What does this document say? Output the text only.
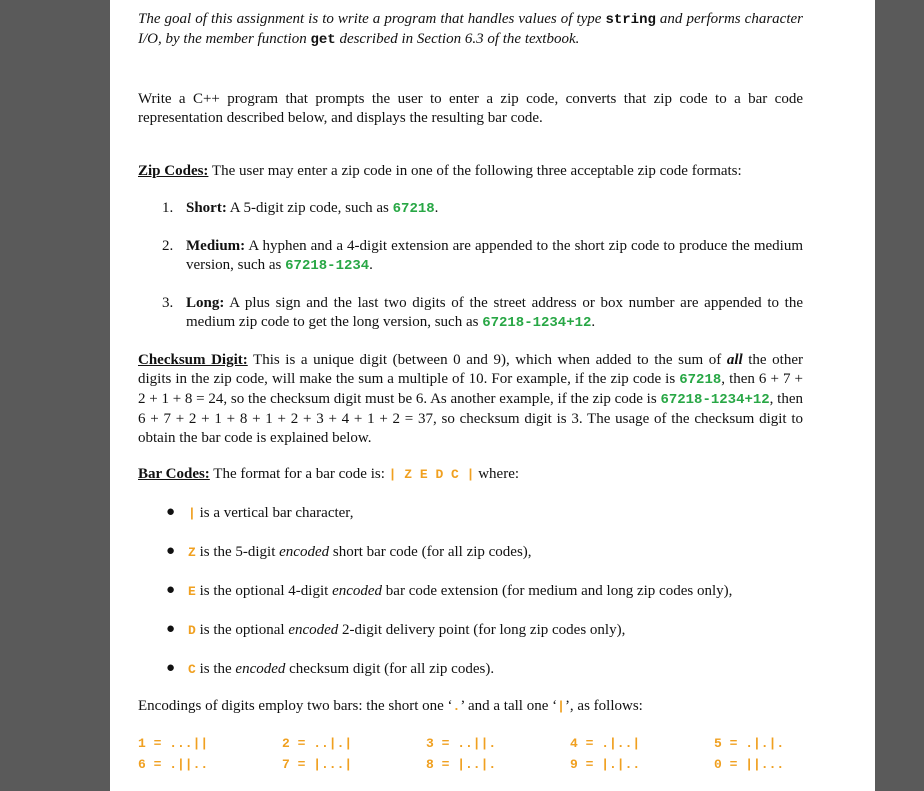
The goal of this assignment is to write a program that handles values of type string and performs character I/O, by the member function get described in Section 6.3 of the textbook.

Write a C++ program that prompts the user to enter a zip code, converts that zip code to a bar code representation described below, and displays the resulting bar code.

Zip Codes: The user may enter a zip code in one of the following three acceptable zip code formats:

1. Short: A 5-digit zip code, such as 67218.
2. Medium: A hyphen and a 4-digit extension are appended to the short zip code to produce the medium version, such as 67218-1234.
3. Long: A plus sign and the last two digits of the street address or box number are appended to the medium zip code to get the long version, such as 67218-1234+12.

Checksum Digit: This is a unique digit (between 0 and 9), which when added to the sum of all the other digits in the zip code, will make the sum a multiple of 10. For example, if the zip code is 67218, then 6 + 7 + 2 + 1 + 8 = 24, so the checksum digit must be 6. As another example, if the zip code is 67218-1234+12, then 6 + 7 + 2 + 1 + 8 + 1 + 2 + 3 + 4 + 1 + 2 = 37, so checksum digit is 3. The usage of the checksum digit to obtain the bar code is explained below.

Bar Codes: The format for a bar code is: | Z E D C | where:

● | is a vertical bar character,
● Z is the 5-digit encoded short bar code (for all zip codes),
● E is the optional 4-digit encoded bar code extension (for medium and long zip codes only),
● D is the optional encoded 2-digit delivery point (for long zip codes only),
● C is the encoded checksum digit (for all zip codes).

Encodings of digits employ two bars: the short one ‘.’ and a tall one ‘|’, as follows:

1 = ...||	2 = ..|.|	3 = ..||.	4 = .|..|	5 = .|.|.
6 = .||..	7 = |...|	8 = |..|.	9 = |.|..	0 = ||...
